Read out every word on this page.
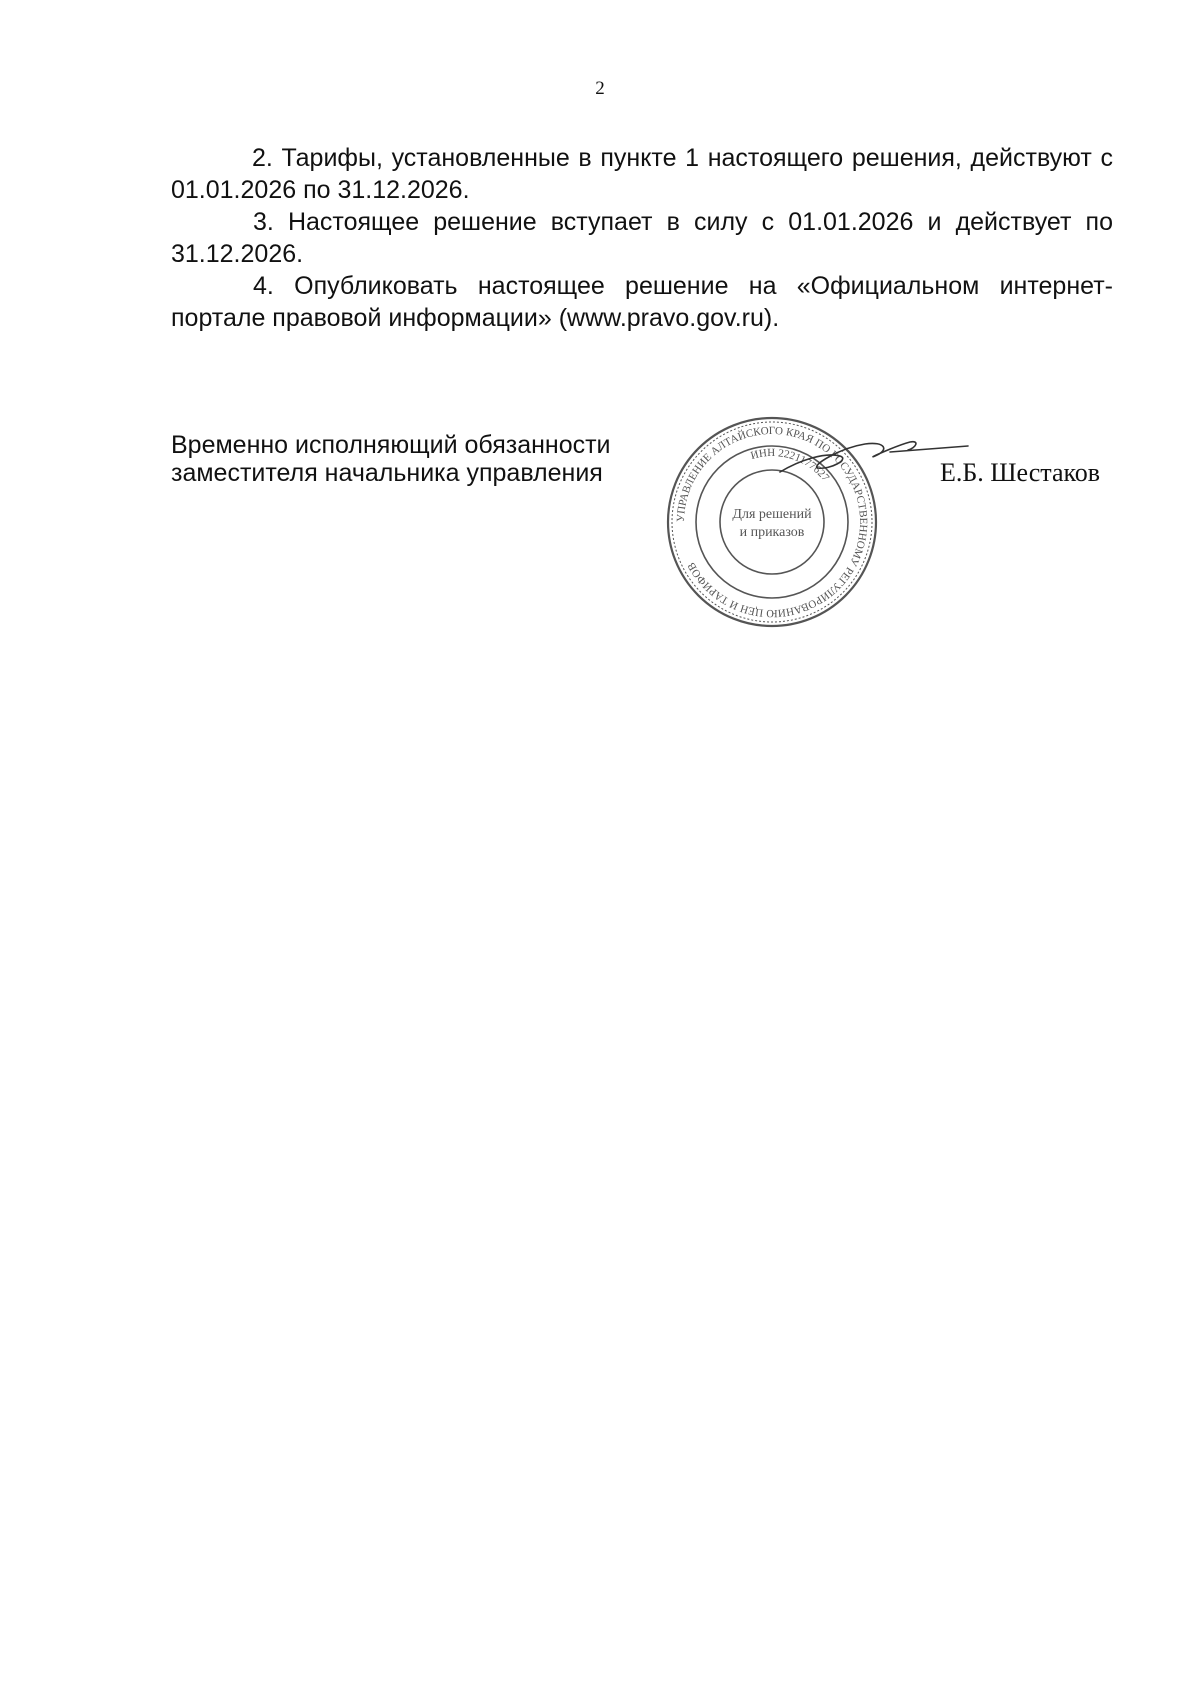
2

2. Тарифы, установленные в пункте 1 настоящего решения, действуют с 01.01.2026 по 31.12.2026.

3. Настоящее решение вступает в силу с 01.01.2026 и действует по 31.12.2026.

4. Опубликовать настоящее решение на «Официальном интернет-портале правовой информации» (www.pravo.gov.ru).

Временно исполняющий обязанности
заместителя начальника управления
УПРАВЛЕНИЕ АЛТАЙСКОГО КРАЯ ПО ГОСУДАРСТВЕННОМУ РЕГУЛИРОВАНИЮ ЦЕН И ТАРИФОВ
ИНН 2221177627
Для решений
и приказов
Е.Б. Шестаков
